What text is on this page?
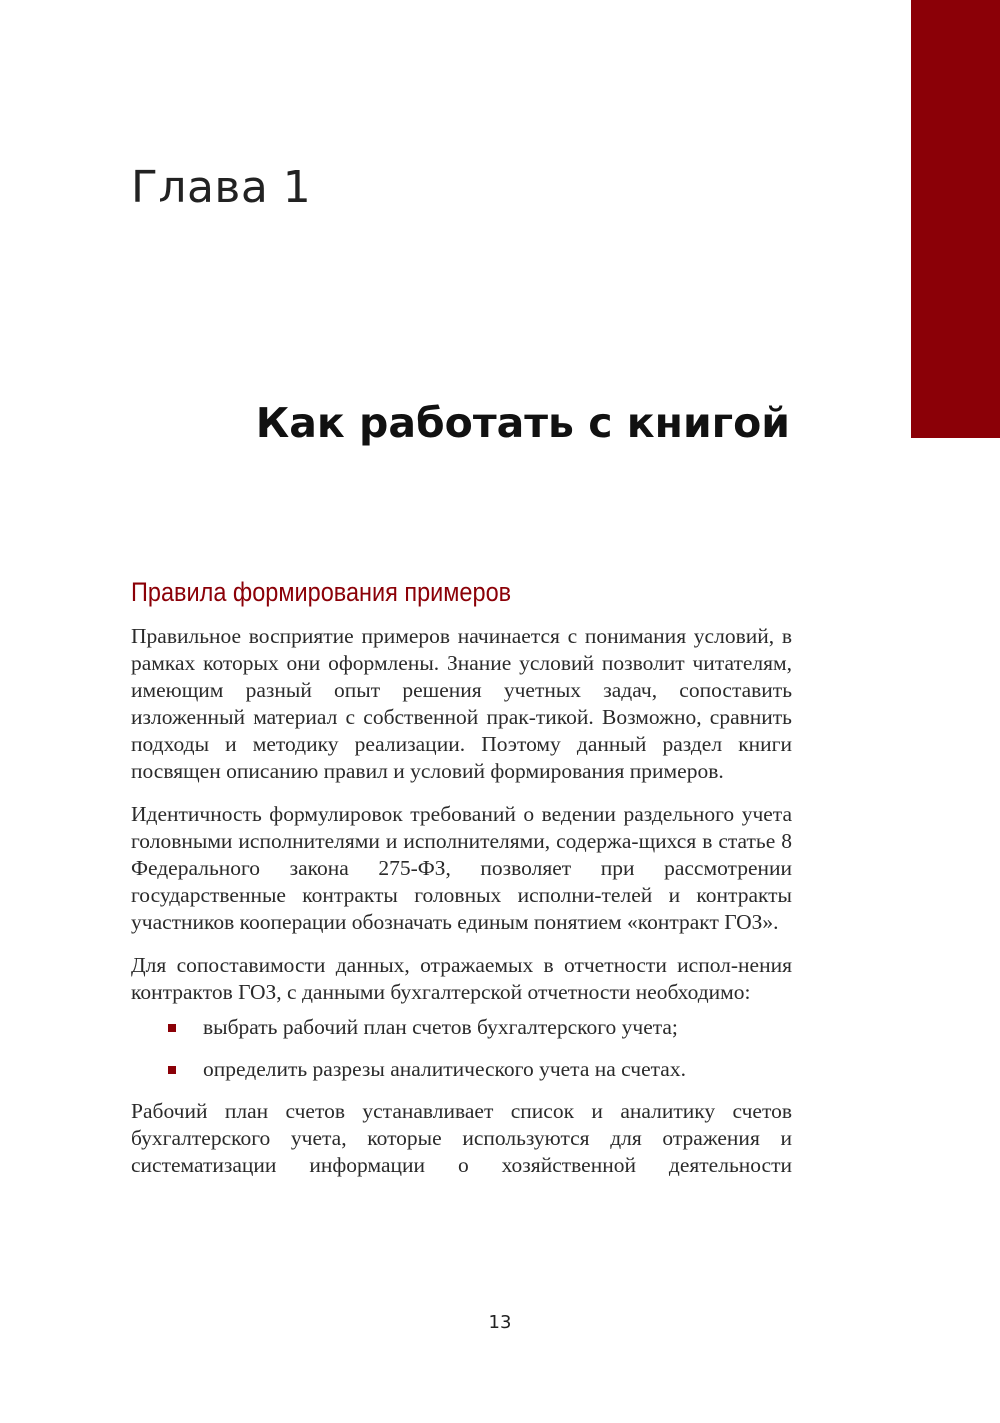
Глава 1
Как работать с книгой
Правила формирования примеров

Правильное восприятие примеров начинается с понимания условий, в рамках которых они оформлены. Знание условий позволит читателям, имеющим разный опыт решения учетных задач, сопоставить изложенный материал с собственной прак-тикой. Возможно, сравнить подходы и методику реализации. Поэтому данный раздел книги посвящен описанию правил и условий формирования примеров.

Идентичность формулировок требований о ведении раздельного учета головными исполнителями и исполнителями, содержа-щихся в статье 8 Федерального закона 275-ФЗ, позволяет при рассмотрении государственные контракты головных исполни-телей и контракты участников кооперации обозначать единым понятием «контракт ГОЗ».

Для сопоставимости данных, отражаемых в отчетности испол-нения контрактов ГОЗ, с данными бухгалтерской отчетности необходимо:

выбрать рабочий план счетов бухгалтерского учета;
определить разрезы аналитического учета на счетах.

Рабочий план счетов устанавливает список и аналитику счетов бухгалтерского учета, которые используются для отражения и систематизации информации о хозяйственной деятельности

13
